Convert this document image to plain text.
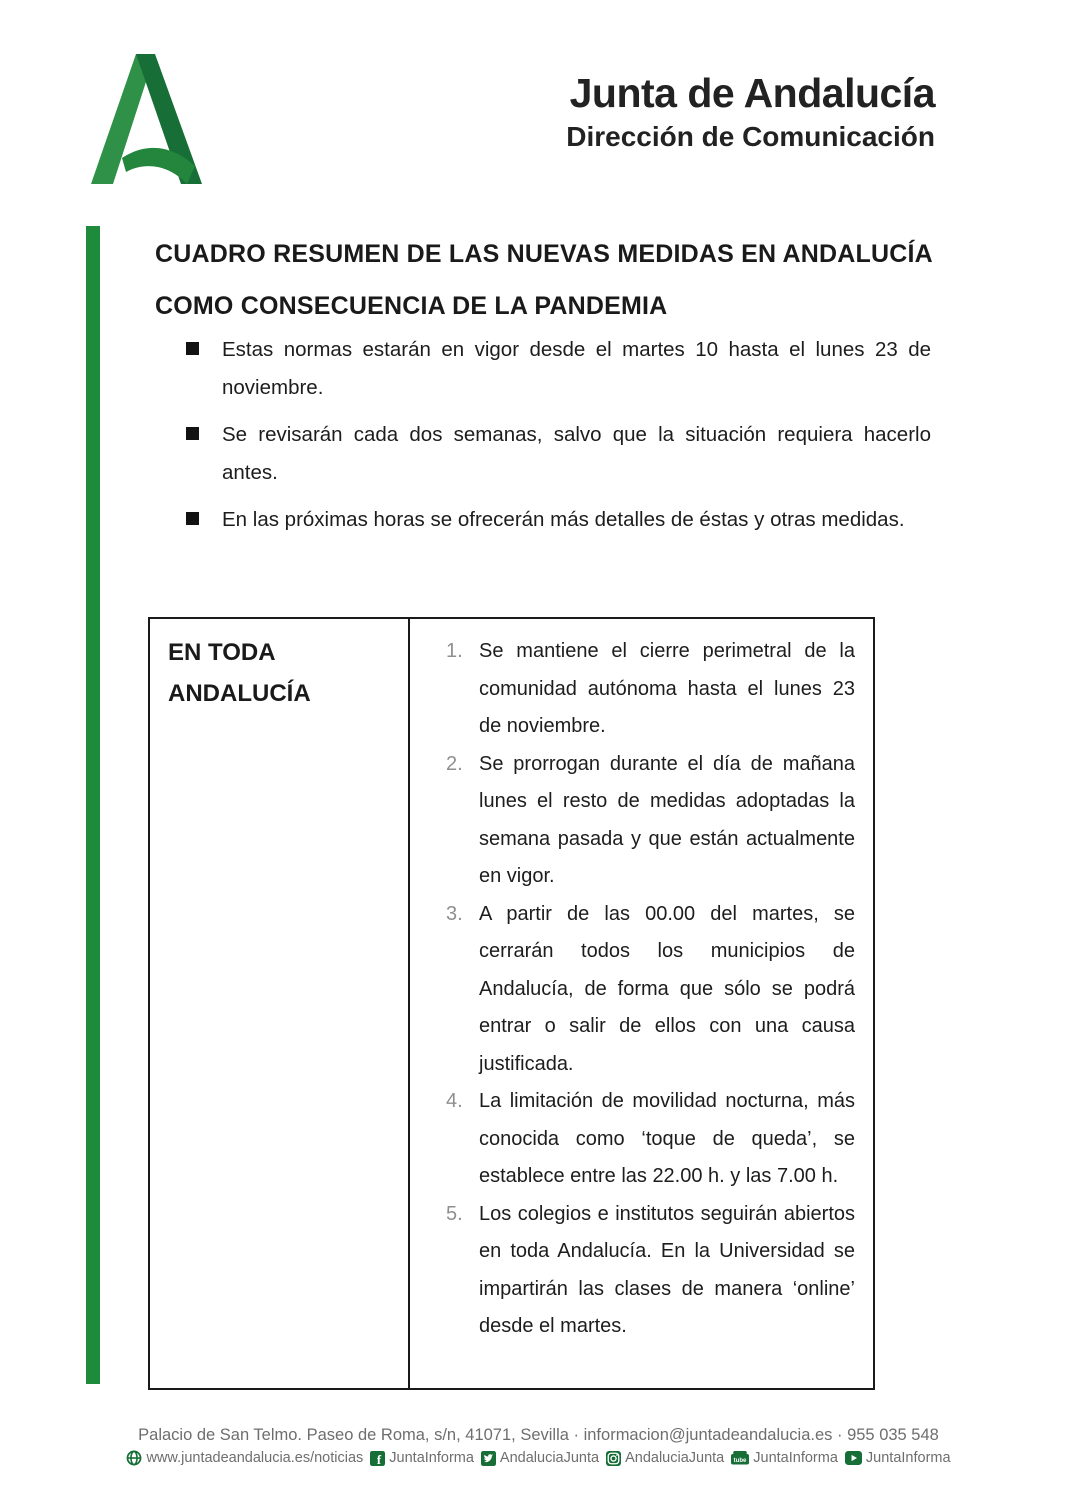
Junta de Andalucía
Dirección de Comunicación
CUADRO RESUMEN DE LAS NUEVAS MEDIDAS EN ANDALUCÍA
COMO CONSECUENCIA DE LA PANDEMIA
Estas normas estarán en vigor desde el martes 10 hasta el lunes 23 de noviembre.
Se revisarán cada dos semanas, salvo que la situación requiera hacerlo antes.
En las próximas horas se ofrecerán más detalles de éstas y otras medidas.
EN TODA ANDALUCÍA
Se mantiene el cierre perimetral de la comunidad autónoma hasta el lunes 23 de noviembre.
Se prorrogan durante el día de mañana lunes el resto de medidas adoptadas la semana pasada y que están actualmente en vigor.
A partir de las 00.00 del martes, se cerrarán todos los municipios de Andalucía, de forma que sólo se podrá entrar o salir de ellos con una causa justificada.
La limitación de movilidad nocturna, más conocida como ‘toque de queda’, se establece entre las 22.00 h. y las 7.00 h.
Los colegios e institutos seguirán abiertos en toda Andalucía. En la Universidad se impartirán las clases de manera ‘online’ desde el martes.
Palacio de San Telmo. Paseo de Roma, s/n, 41071, Sevilla · informacion@juntadeandalucia.es · 955 035 548
www.juntadeandalucia.es/noticias f JuntaInforma AndaluciaJunta AndaluciaJunta tube JuntaInforma JuntaInforma
